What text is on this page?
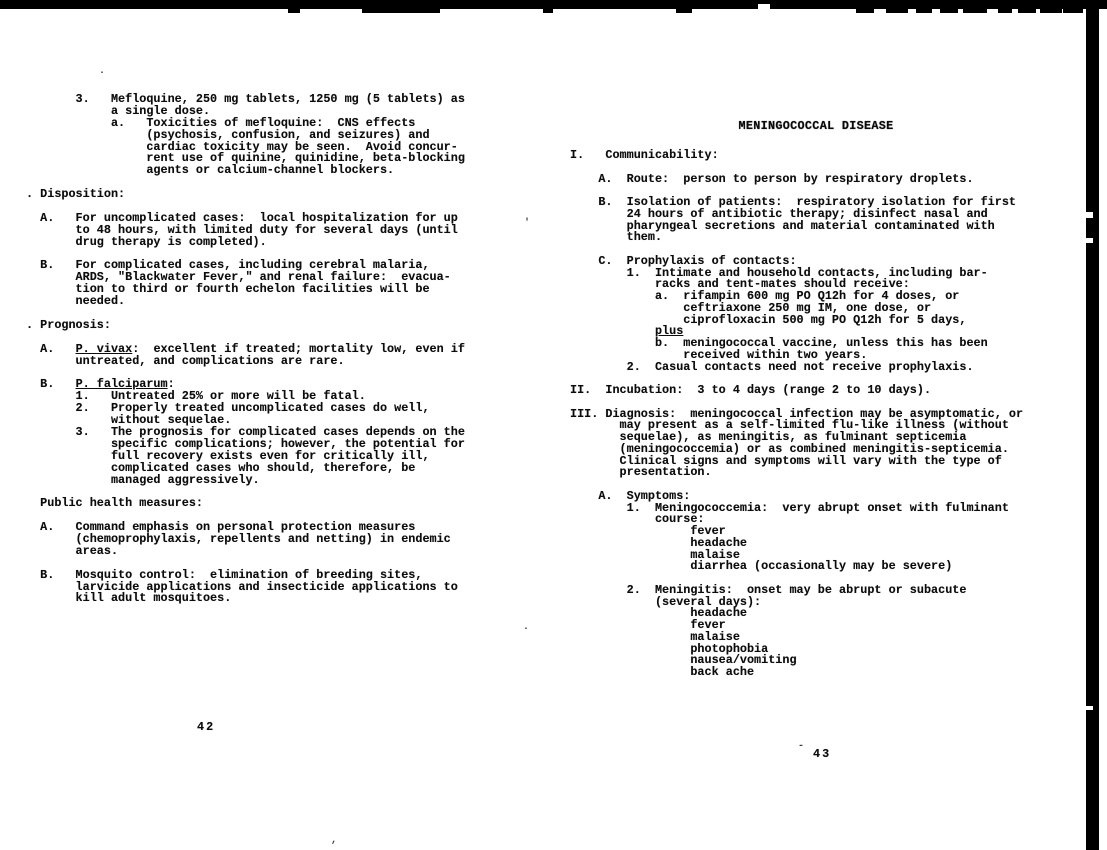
3.   Mefloquine, 250 mg tablets, 1250 mg (5 tablets) as
a single dose.
a.   Toxicities of mefloquine:  CNS effects
(psychosis, confusion, and seizures) and
cardiac toxicity may be seen.  Avoid concur-
rent use of quinine, quinidine, beta-blocking
agents or calcium-channel blockers.
. Disposition:
A.   For uncomplicated cases:  local hospitalization for up
to 48 hours, with limited duty for several days (until
drug therapy is completed).
B.   For complicated cases, including cerebral malaria,
ARDS, "Blackwater Fever," and renal failure:  evacua-
tion to third or fourth echelon facilities will be
needed.
. Prognosis:
A.   P. vivax:  excellent if treated; mortality low, even if
untreated, and complications are rare.
B.   P. falciparum:
1.   Untreated 25% or more will be fatal.
2.   Properly treated uncomplicated cases do well,
without sequelae.
3.   The prognosis for complicated cases depends on the
specific complications; however, the potential for
full recovery exists even for critically ill,
complicated cases who should, therefore, be
managed aggressively.
Public health measures:
A.   Command emphasis on personal protection measures
(chemoprophylaxis, repellents and netting) in endemic
areas.
B.   Mosquito control:  elimination of breeding sites,
larvicide applications and insecticide applications to
kill adult mosquitoes.
42
MENINGOCOCCAL DISEASE
I.   Communicability:
A.  Route:  person to person by respiratory droplets.
B.  Isolation of patients:  respiratory isolation for first
24 hours of antibiotic therapy; disinfect nasal and
pharyngeal secretions and material contaminated with
them.
C.  Prophylaxis of contacts:
1.  Intimate and household contacts, including bar-
racks and tent-mates should receive:
a.  rifampin 600 mg PO Q12h for 4 doses, or
ceftriaxone 250 mg IM, one dose, or
ciprofloxacin 500 mg PO Q12h for 5 days,
plus
b.  meningococcal vaccine, unless this has been
received within two years.
2.  Casual contacts need not receive prophylaxis.
II.  Incubation:  3 to 4 days (range 2 to 10 days).
III. Diagnosis:  meningococcal infection may be asymptomatic, or
may present as a self-limited flu-like illness (without
sequelae), as meningitis, as fulminant septicemia
(meningococcemia) or as combined meningitis-septicemia.
Clinical signs and symptoms will vary with the type of
presentation.
A.  Symptoms:
1.  Meningococcemia:  very abrupt onset with fulminant
course:
fever
headache
malaise
diarrhea (occasionally may be severe)
2.  Meningitis:  onset may be abrupt or subacute
(several days):
headache
fever
malaise
photophobia
nausea/vomiting
back ache
43
.
'
.
-
,
